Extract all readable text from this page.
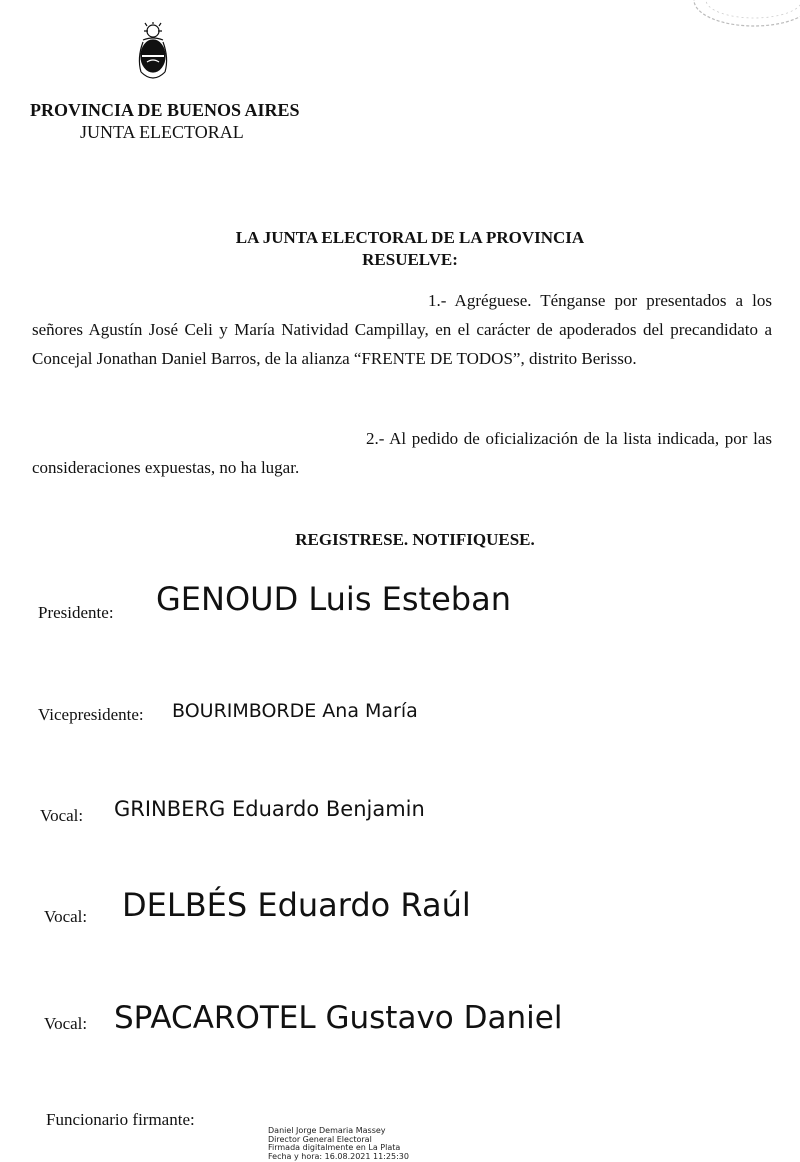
PROVINCIA DE BUENOS AIRES
JUNTA ELECTORAL
LA JUNTA ELECTORAL DE LA PROVINCIA
RESUELVE:
1.- Agréguese. Ténganse por presentados a los señores Agustín José Celi y María Natividad Campillay, en el carácter de apoderados del precandidato a Concejal Jonathan Daniel Barros, de la alianza “FRENTE DE TODOS”, distrito Berisso.
2.- Al pedido de oficialización de la lista indicada, por las consideraciones expuestas, no ha lugar.
REGISTRESE. NOTIFIQUESE.
Presidente: GENOUD Luis Esteban
Vicepresidente: BOURIMBORDE Ana María
Vocal: GRINBERG Eduardo Benjamin
Vocal: DELBÉS Eduardo Raúl
Vocal: SPACAROTEL Gustavo Daniel
Funcionario firmante:
Daniel Jorge Demaria Massey
Director General Electoral
Firmada digitalmente en La Plata
Fecha y hora: 16.08.2021 11:25:30
